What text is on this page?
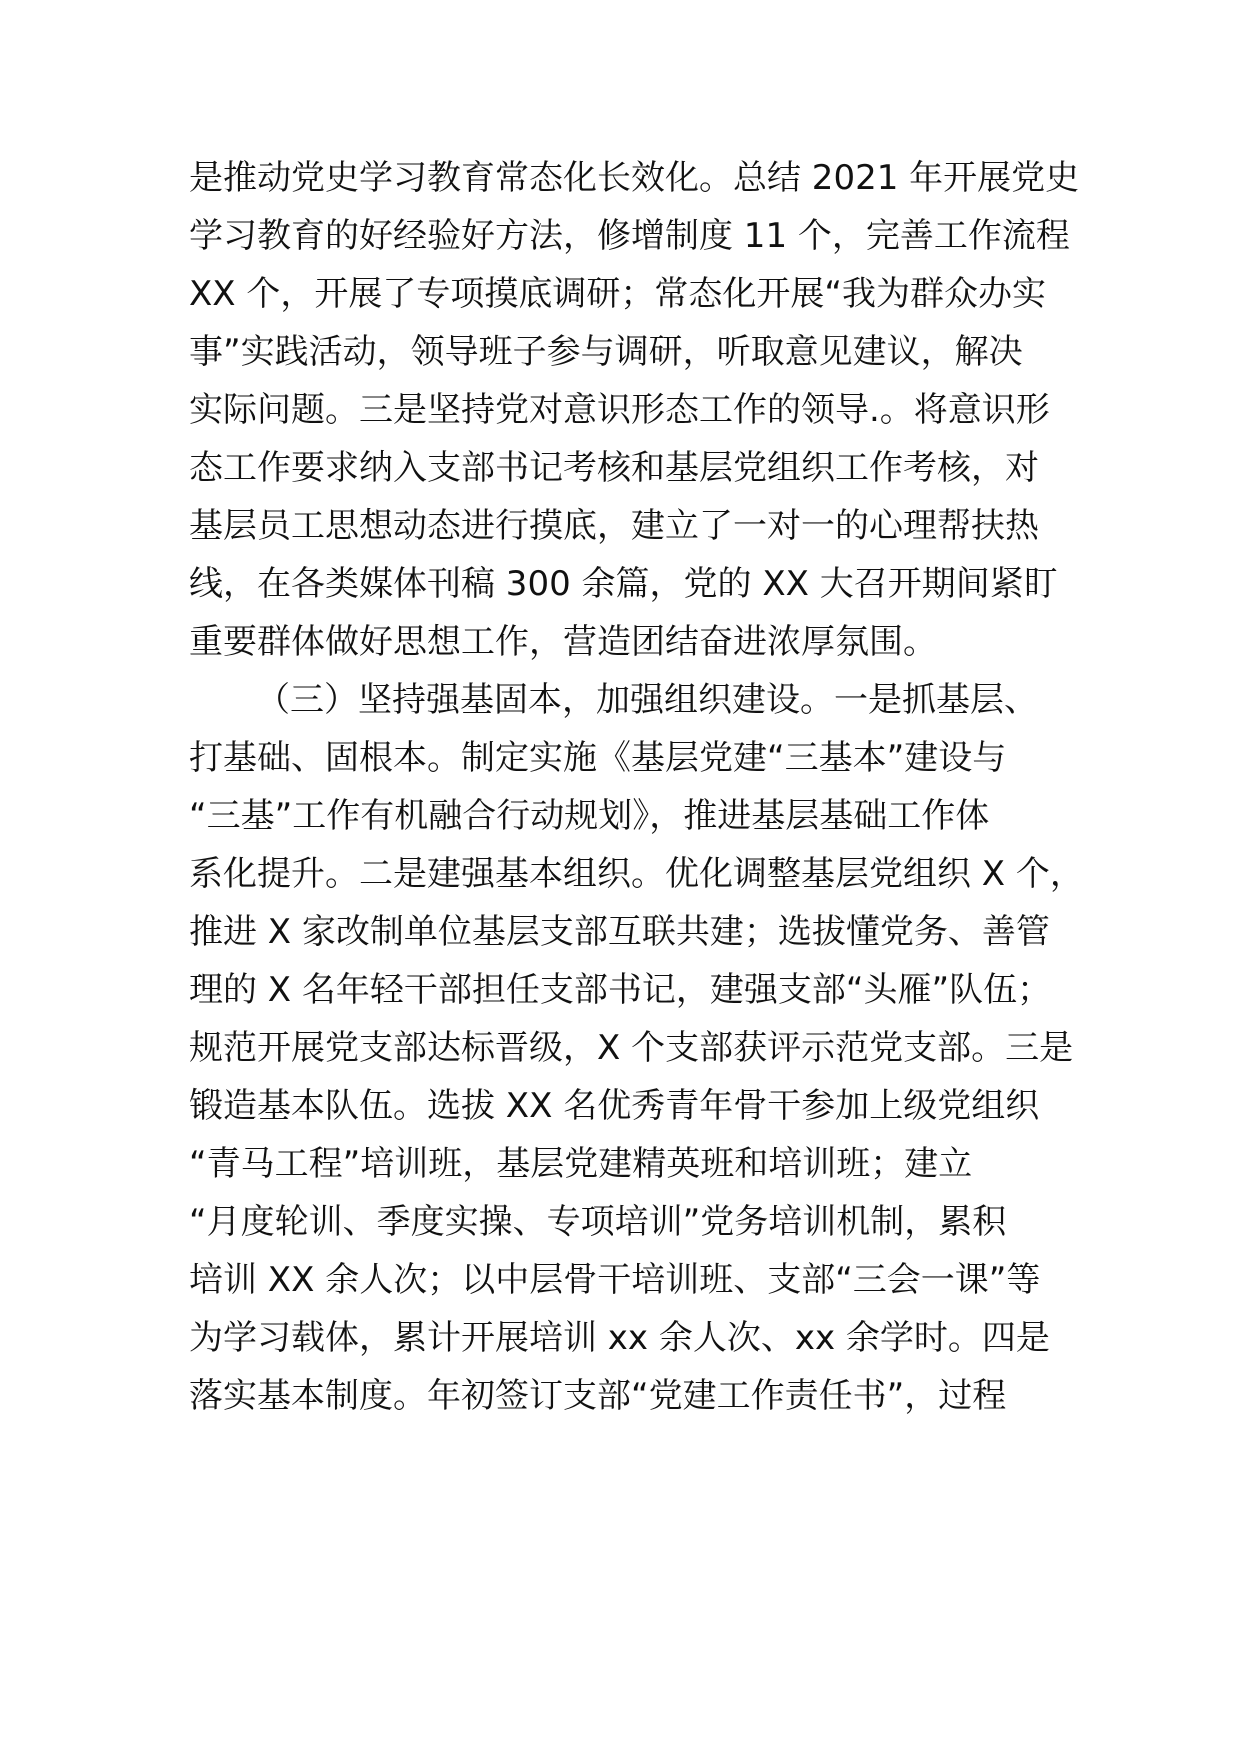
是推动党史学习教育常态化长效化。总结 2021 年开展党史
学习教育的好经验好方法，修增制度 11 个，完善工作流程
XX 个，开展了专项摸底调研；常态化开展“我为群众办实
事”实践活动，领导班子参与调研，听取意见建议，解决
实际问题。三是坚持党对意识形态工作的领导.。将意识形
态工作要求纳入支部书记考核和基层党组织工作考核，对
基层员工思想动态进行摸底，建立了一对一的心理帮扶热
线，在各类媒体刊稿 300 余篇，党的 XX 大召开期间紧盯
重要群体做好思想工作，营造团结奋进浓厚氛围。
（三）坚持强基固本，加强组织建设。一是抓基层、
打基础、固根本。制定实施《基层党建“三基本”建设与
“三基”工作有机融合行动规划》，推进基层基础工作体
系化提升。二是建强基本组织。优化调整基层党组织 X 个，
推进 X 家改制单位基层支部互联共建；选拔懂党务、善管
理的 X 名年轻干部担任支部书记，建强支部“头雁”队伍；
规范开展党支部达标晋级，X 个支部获评示范党支部。三是
锻造基本队伍。选拔 XX 名优秀青年骨干参加上级党组织
“青马工程”培训班，基层党建精英班和培训班；建立
“月度轮训、季度实操、专项培训”党务培训机制，累积
培训 XX 余人次；以中层骨干培训班、支部“三会一课”等
为学习载体，累计开展培训 xx 余人次、xx 余学时。四是
落实基本制度。年初签订支部“党建工作责任书”，过程
